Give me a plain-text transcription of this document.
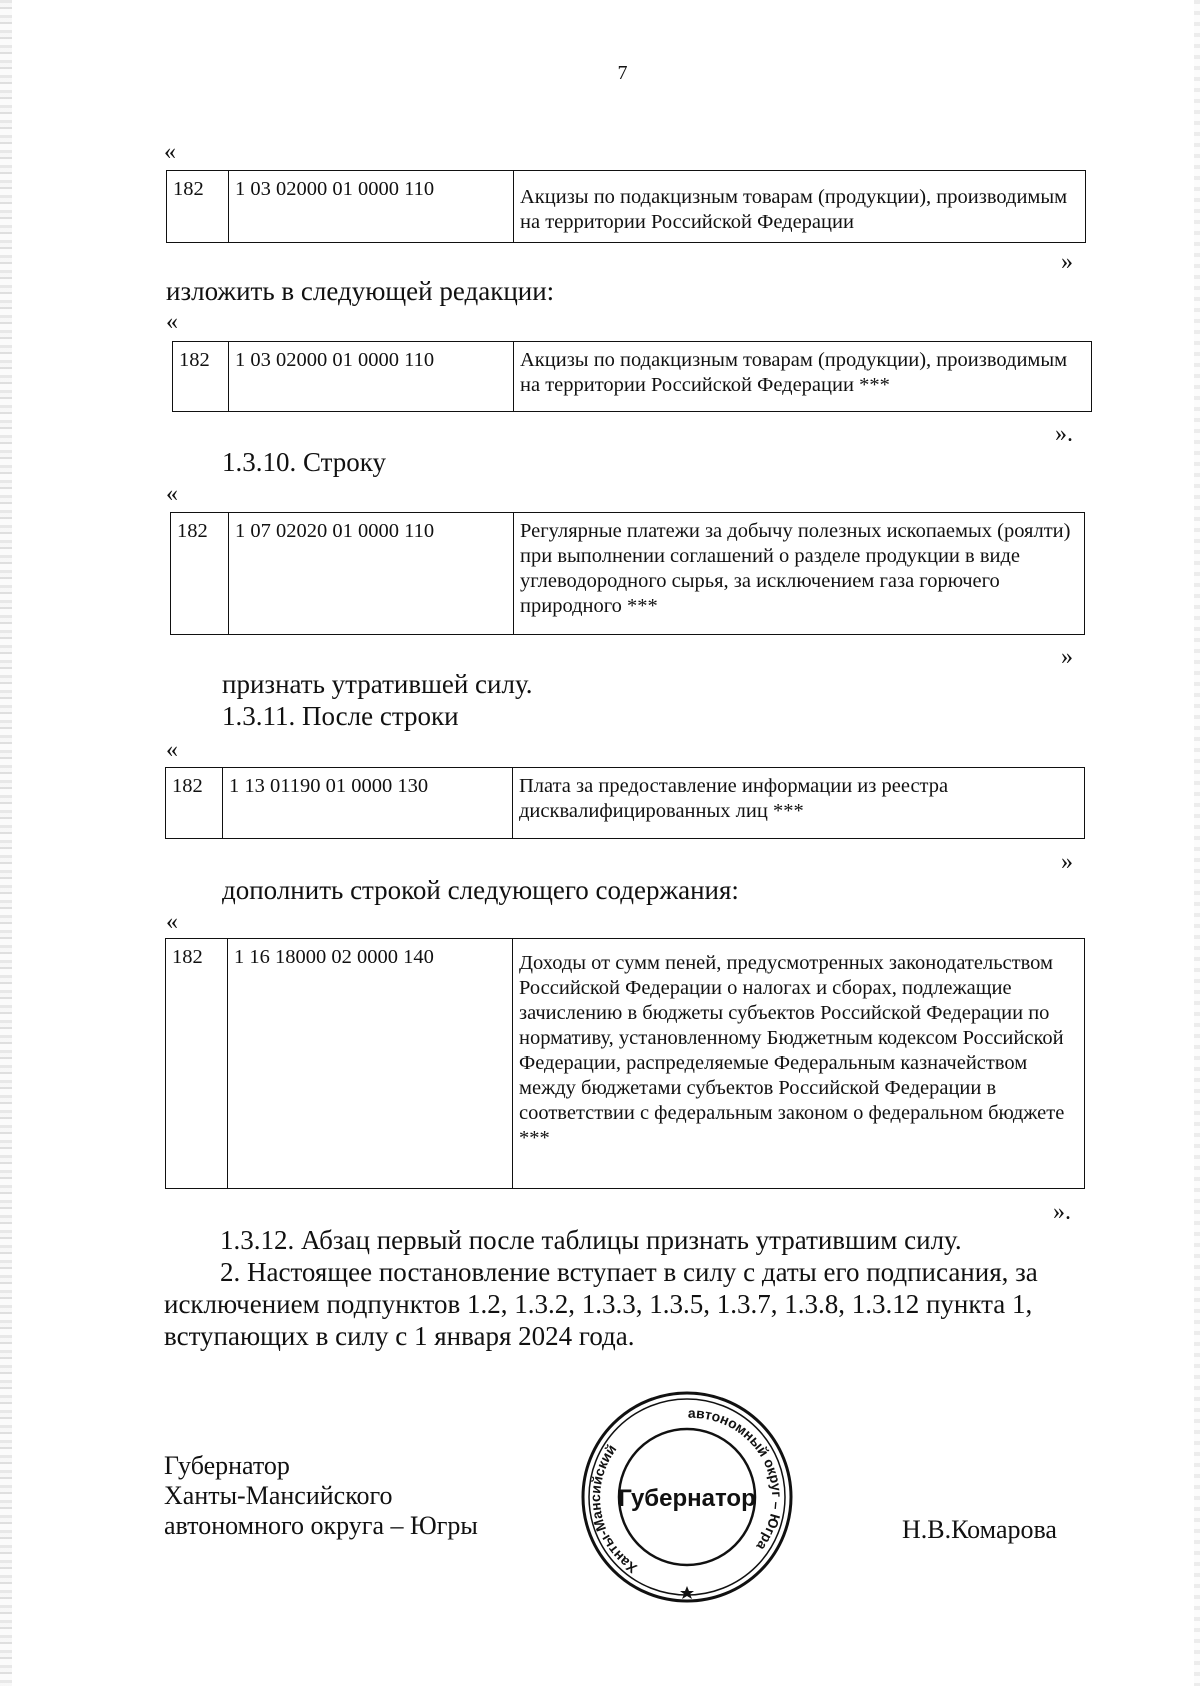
7
«
182	1 03 02000 01 0000 110	Акцизы по подакцизным товарам (продукции), производимым на территории Российской Федерации
»
изложить в следующей редакции:
«
182	1 03 02000 01 0000 110	Акцизы по подакцизным товарам (продукции), производимым на территории Российской Федерации ***
».
1.3.10. Строку
«
182	1 07 02020 01 0000 110	Регулярные платежи за добычу полезных ископаемых (роялти) при выполнении соглашений о разделе продукции в виде углеводородного сырья, за исключением газа горючего природного ***
»
признать утратившей силу.
1.3.11. После строки
«
182	1 13 01190 01 0000 130	Плата за предоставление информации из реестра дисквалифицированных лиц ***
»
дополнить строкой следующего содержания:
«
182	1 16 18000 02 0000 140	Доходы от сумм пеней, предусмотренных законодательством Российской Федерации о налогах и сборах, подлежащие зачислению в бюджеты субъектов Российской Федерации по нормативу, установленному Бюджетным кодексом Российской Федерации, распределяемые Федеральным казначейством между бюджетами субъектов Российской Федерации в соответствии с федеральным законом о федеральном бюджете ***
».
1.3.12. Абзац первый после таблицы признать утратившим силу.
2. Настоящее постановление вступает в силу с даты его подписания, за
исключением подпунктов 1.2, 1.3.2, 1.3.3, 1.3.5, 1.3.7, 1.3.8, 1.3.12 пункта 1,
вступающих в силу с 1 января 2024 года.
Губернатор
Ханты-Мансийского
автономного округа – Югры
Ханты-Мансийский
автономный округ – Югра
Губернатор
Н.В.Комарова
